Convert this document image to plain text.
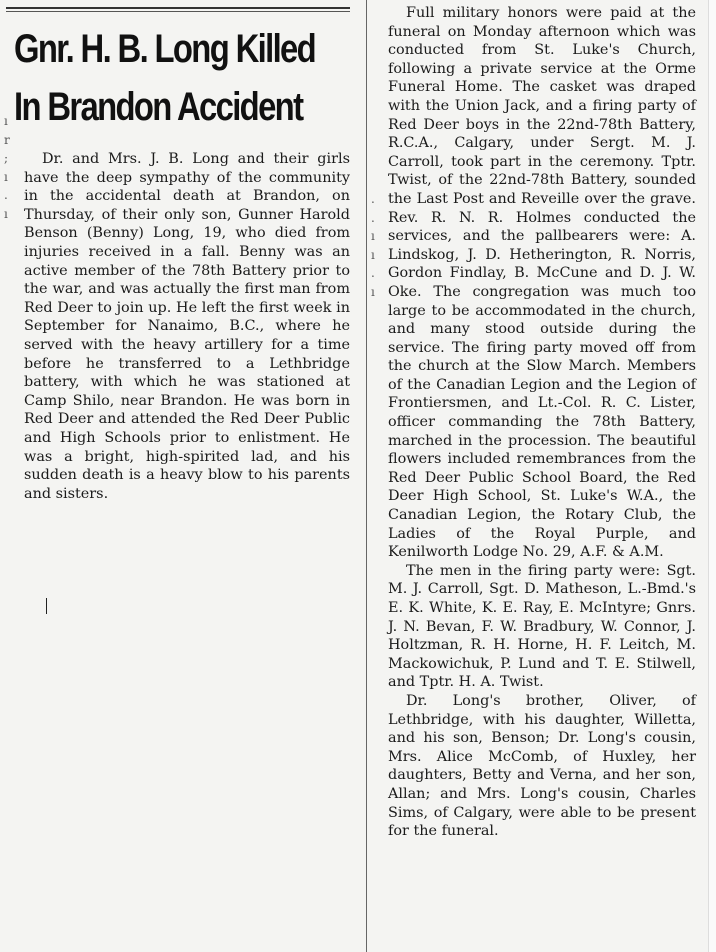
Gnr. H. B. Long Killed
In Brandon Accident
ı r ; ı . ı

Dr. and Mrs. J. B. Long and their girls have the deep sympathy of the community in the accidental death at Brandon, on Thursday, of their only son, Gunner Harold Benson (Benny) Long, 19, who died from injuries received in a fall. Benny was an active member of the 78th Battery prior to the war, and was actually the first man from Red Deer to join up. He left the first week in September for Nanaimo, B.C., where he served with the heavy artillery for a time before he transferred to a Lethbridge battery, with which he was stationed at Camp Shilo, near Brandon. He was born in Red Deer and attended the Red Deer Public and High Schools prior to enlistment. He was a bright, high-spirited lad, and his sudden death is a heavy blow to his parents and sisters.

. . ı ı . ı

Full military honors were paid at the funeral on Monday afternoon which was conducted from St. Luke's Church, following a private service at the Orme Funeral Home. The casket was draped with the Union Jack, and a firing party of Red Deer boys in the 22nd-78th Battery, R.C.A., Calgary, under Sergt. M. J. Carroll, took part in the ceremony. Tptr. Twist, of the 22nd-78th Battery, sounded the Last Post and Reveille over the grave. Rev. R. N. R. Holmes conducted the services, and the pallbearers were: A. Lindskog, J. D. Hetherington, R. Norris, Gordon Findlay, B. McCune and D. J. W. Oke. The congregation was much too large to be accommodated in the church, and many stood outside during the service. The firing party moved off from the church at the Slow March. Members of the Canadian Legion and the Legion of Frontiersmen, and Lt.-Col. R. C. Lister, officer commanding the 78th Battery, marched in the procession. The beautiful flowers included remembrances from the Red Deer Public School Board, the Red Deer High School, St. Luke's W.A., the Canadian Legion, the Rotary Club, the Ladies of the Royal Purple, and Kenilworth Lodge No. 29, A.F. & A.M.

The men in the firing party were: Sgt. M. J. Carroll, Sgt. D. Matheson, L.-Bmd.'s E. K. White, K. E. Ray, E. McIntyre; Gnrs. J. N. Bevan, F. W. Bradbury, W. Connor, J. Holtzman, R. H. Horne, H. F. Leitch, M. Mackowichuk, P. Lund and T. E. Stilwell, and Tptr. H. A. Twist.

Dr. Long's brother, Oliver, of Lethbridge, with his daughter, Willetta, and his son, Benson; Dr. Long's cousin, Mrs. Alice McComb, of Huxley, her daughters, Betty and Verna, and her son, Allan; and Mrs. Long's cousin, Charles Sims, of Calgary, were able to be present for the funeral.
